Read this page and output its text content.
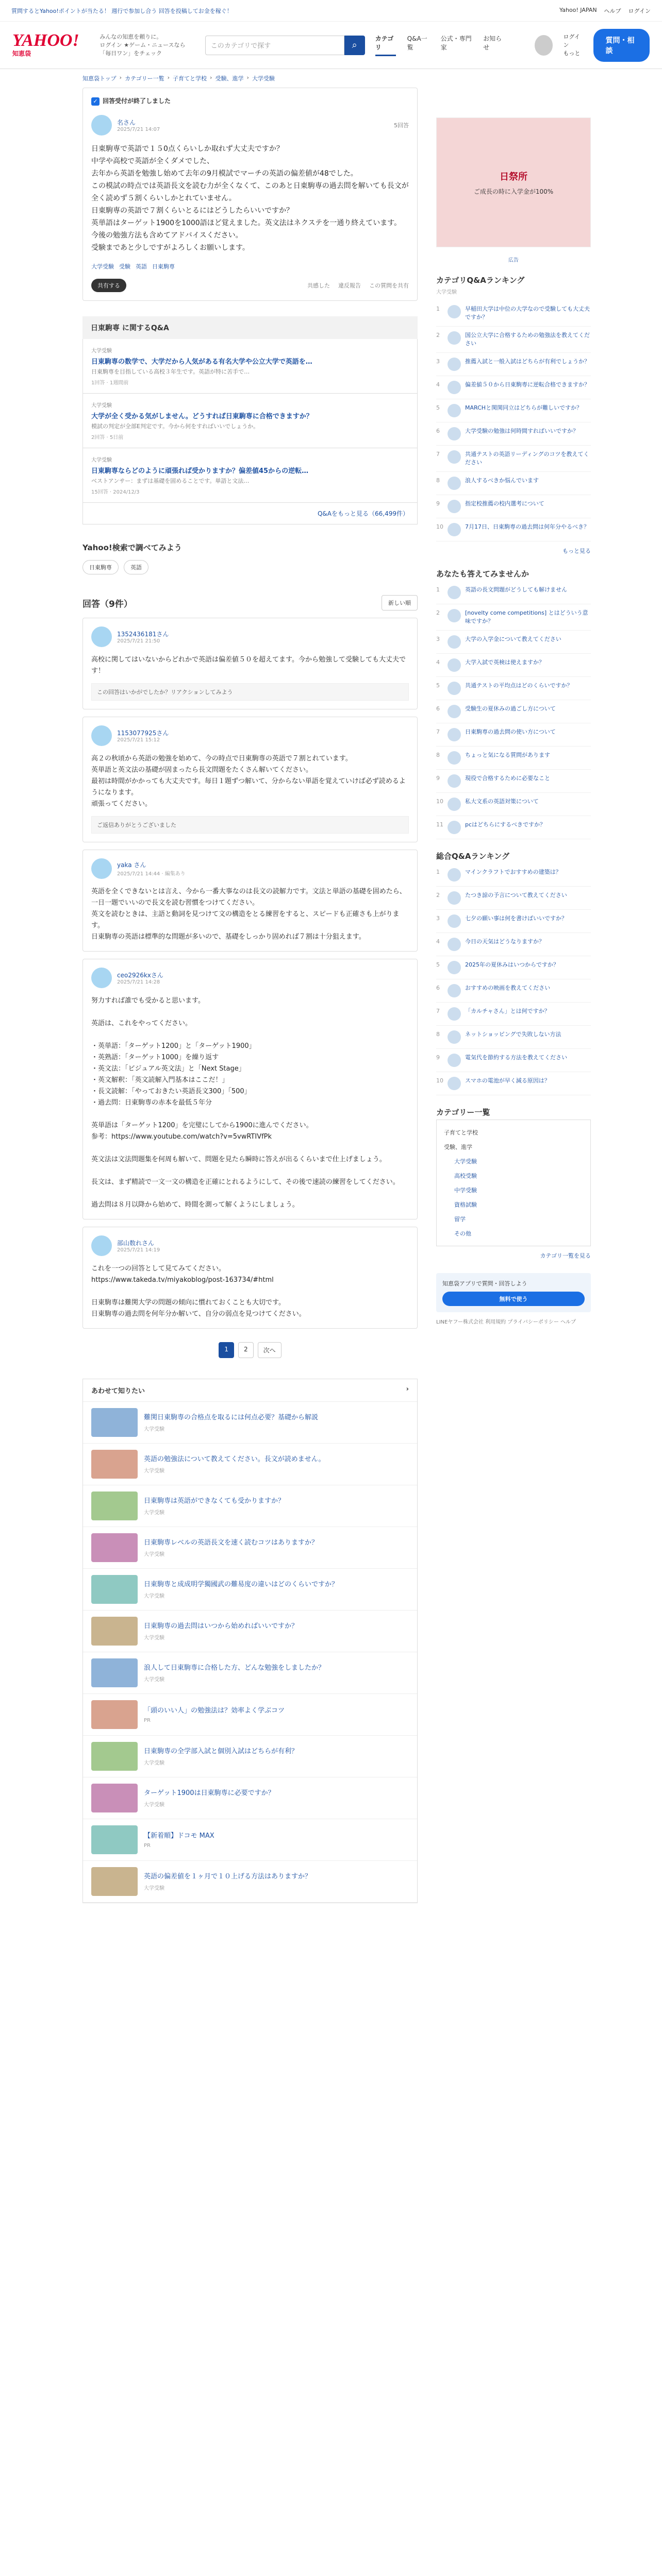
質問するとYahoo!ポイントが当たる！ 週行で参加し合う 回答を投稿してお金を稼ぐ！	Yahoo! JAPAN ヘルプ ログイン
YAHOO!
知恵袋
みんなの知恵を頼りに。
ログイン ★ゲーム・ニュースなら「毎日ワン」をチェック
このカテゴリで探す	⌕
カテゴリ
Q&A一覧
公式・専門家
お知らせ
ログイン
もっと
質問・相談
知恵袋トップ › カテゴリー一覧 › 子育てと学校 › 受験、進学 › 大学受験
✓ 回答受付が終了しました
名さん
2025/7/21 14:07
5回答
日東駒専で英語で１５0点くらいしか取れず大丈夫ですか？
中学や高校で英語が全くダメでした、
去年から英語を勉強し始めて去年の9月模試でマーチの英語の偏差値が48でした。
この模試の時点では英語長文を読む力が全くなくて、このあと日東駒専の過去問を解いても長文が全く読めず５割くらいしかとれていません。
日東駒専の英語で７割くらいとるにはどうしたらいいですか？
英単語はターゲット1900を1000語ほど覚えました。英文法はネクステを一通り終えています。
今後の勉強方法も含めてアドバイスください。
受験まであと少しですがよろしくお願いします。
大学受験 受験 英語 日東駒専
共有する	共感した 違反報告 この質問を共有
日東駒専 に関するQ&A
大学受験
日東駒専の数学で、大学だから人気がある有名大学や公立大学で英語を…
日東駒専を目指している高校３年生です。英語が特に苦手で…
1回答 · 1週間前
大学受験
大学が全く受かる気がしません。どうすれば日東駒専に合格できますか？
模試の判定が全部E判定です。今から何をすればいいでしょうか。
2回答 · 5日前
大学受験
日東駒専ならどのように頑張れば受かりますか？偏差値45からの逆転…
ベストアンサー：まずは基礎を固めることです。単語と文法…
15回答 · 2024/12/3
Q&Aをもっと見る（66,499件）
Yahoo!検索で調べてみよう
日東駒専	英語
回答（9件）	新しい順
1352436181さん
2025/7/21 21:50
高校に関してはいないからどれかで英語は偏差値５０を超えてます。今から勉強して受験しても大丈夫です！
この回答はいかがでしたか？リアクションしてみよう
1153077925さん
2025/7/21 15:12
高２の秋頃から英語の勉強を始めて、今の時点で日東駒専の英語で７割とれています。
英単語と英文法の基礎が固まったら長文問題をたくさん解いてください。
最初は時間がかかっても大丈夫です。毎日１題ずつ解いて、分からない単語を覚えていけば必ず読めるようになります。
頑張ってください。
ご返信ありがとうございました
yaka さん
2025/7/21 14:44 · 編集あり
英語を全くできないとは言え、今から一番大事なのは長文の読解力です。文法と単語の基礎を固めたら、一日一題でいいので長文を読む習慣をつけてください。
英文を読むときは、主語と動詞を見つけて文の構造をとる練習をすると、スピードも正確さも上がります。
日東駒専の英語は標準的な問題が多いので、基礎をしっかり固めれば７割は十分狙えます。
ceo2926kxさん
2025/7/21 14:28
努力すれば誰でも受かると思います。

英語は、これをやってください。

・英単語：「ターゲット1200」と「ターゲット1900」
・英熟語：「ターゲット1000」を繰り返す
・英文法：「ビジュアル英文法」と「Next Stage」
・英文解釈：「英文読解入門基本はここだ！」
・長文読解：「やっておきたい英語長文300」「500」
・過去問：日東駒専の赤本を最低５年分

英単語は「ターゲット1200」を完璧にしてから1900に進んでください。
参考：https://www.youtube.com/watch?v=5vwRTIVfPk

英文法は文法問題集を何周も解いて、問題を見たら瞬時に答えが出るくらいまで仕上げましょう。

長文は、まず精読で一文一文の構造を正確にとれるようにして、その後で速読の練習をしてください。

過去問は８月以降から始めて、時間を測って解くようにしましょう。
部山数れさん
2025/7/21 14:19
これを一つの回答として見てみてください。
https://www.takeda.tv/miyakoblog/post-163734/#html

日東駒専は難関大学の問題の傾向に慣れておくことも大切です。
日東駒専の過去問を何年分か解いて、自分の弱点を見つけてください。
1	2	次へ
あわせて知りたい	›
難関日東駒専の合格点を取るには何点必要？基礎から解説
大学受験
英語の勉強法について教えてください。長文が読めません。
大学受験
日東駒専は英語ができなくても受かりますか？
大学受験
日東駒専レベルの英語長文を速く読むコツはありますか？
大学受験
日東駒専と成成明学獨國武の難易度の違いはどのくらいですか？
大学受験
日東駒専の過去問はいつから始めればいいですか？
大学受験
浪人して日東駒専に合格した方、どんな勉強をしましたか？
大学受験
「頭のいい人」の勉強法は？効率よく学ぶコツ
PR
日東駒専の全学部入試と個別入試はどちらが有利？
大学受験
ターゲット1900は日東駒専に必要ですか？
大学受験
【新着順】ドコモ MAX
PR
英語の偏差値を１ヶ月で１０上げる方法はありますか？
大学受験
日祭所
ご成長の時に入学金が100%
広告
カテゴリQ&Aランキング
大学受験
1	早稲田大学は中位の大学なので受験しても大丈夫ですか？
2	国公立大学に合格するための勉強法を教えてください
3	推薦入試と一般入試はどちらが有利でしょうか？
4	偏差値５０から日東駒専に逆転合格できますか？
5	MARCHと関関同立はどちらが難しいですか？
6	大学受験の勉強は何時間すればいいですか？
7	共通テストの英語リーディングのコツを教えてください
8	浪人するべきか悩んでいます
9	指定校推薦の校内選考について
10	7月17日、日東駒専の過去問は何年分やるべき？
もっと見る
あなたも答えてみませんか
1	英語の長文問題がどうしても解けません
2	[novelty come competitions] とはどういう意味ですか？
3	大学の入学金について教えてください
4	大学入試で英検は使えますか？
5	共通テストの平均点はどのくらいですか？
6	受験生の夏休みの過ごし方について
7	日東駒専の過去問の使い方について
8	ちょっと気になる質問があります
9	現役で合格するために必要なこと
10	私大文系の英語対策について
11	pcはどちらにするべきですか？
総合Q&Aランキング
1	マインクラフトでおすすめの建築は？
2	たつき諒の予言について教えてください
3	七夕の願い事は何を書けばいいですか？
4	今日の天気はどうなりますか？
5	2025年の夏休みはいつからですか？
6	おすすめの映画を教えてください
7	「カルチャさん」とは何ですか？
8	ネットショッピングで失敗しない方法
9	電気代を節約する方法を教えてください
10	スマホの電池が早く減る原因は？
カテゴリー一覧
子育てと学校
受験、進学
大学受験
高校受験
中学受験
資格試験
留学
その他
カテゴリ一覧を見る
知恵袋アプリで質問・回答しよう
無料で使う
LINEヤフー株式会社 利用規約 プライバシーポリシー ヘルプ
